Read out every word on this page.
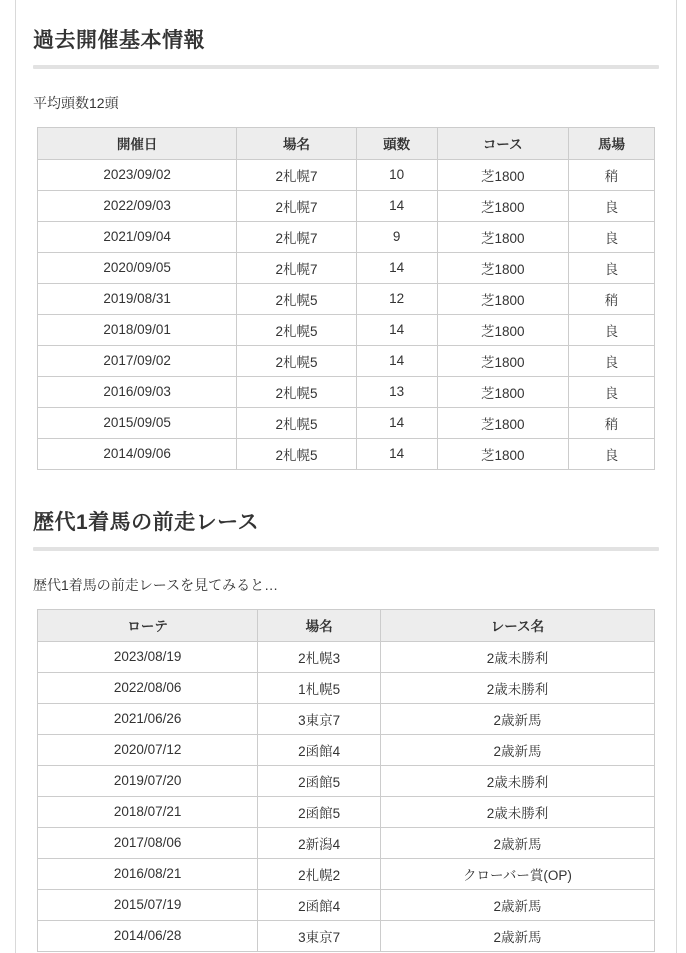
過去開催基本情報

平均頭数12頭

開催日	場名	頭数	コース	馬場
2023/09/02	2札幌7	10	芝1800	稍
2022/09/03	2札幌7	14	芝1800	良
2021/09/04	2札幌7	9	芝1800	良
2020/09/05	2札幌7	14	芝1800	良
2019/08/31	2札幌5	12	芝1800	稍
2018/09/01	2札幌5	14	芝1800	良
2017/09/02	2札幌5	14	芝1800	良
2016/09/03	2札幌5	13	芝1800	良
2015/09/05	2札幌5	14	芝1800	稍
2014/09/06	2札幌5	14	芝1800	良
歴代1着馬の前走レース

歴代1着馬の前走レースを見てみると…

ローテ	場名	レース名
2023/08/19	2札幌3	2歳未勝利
2022/08/06	1札幌5	2歳未勝利
2021/06/26	3東京7	2歳新馬
2020/07/12	2函館4	2歳新馬
2019/07/20	2函館5	2歳未勝利
2018/07/21	2函館5	2歳未勝利
2017/08/06	2新潟4	2歳新馬
2016/08/21	2札幌2	クローバー賞(OP)
2015/07/19	2函館4	2歳新馬
2014/06/28	3東京7	2歳新馬
